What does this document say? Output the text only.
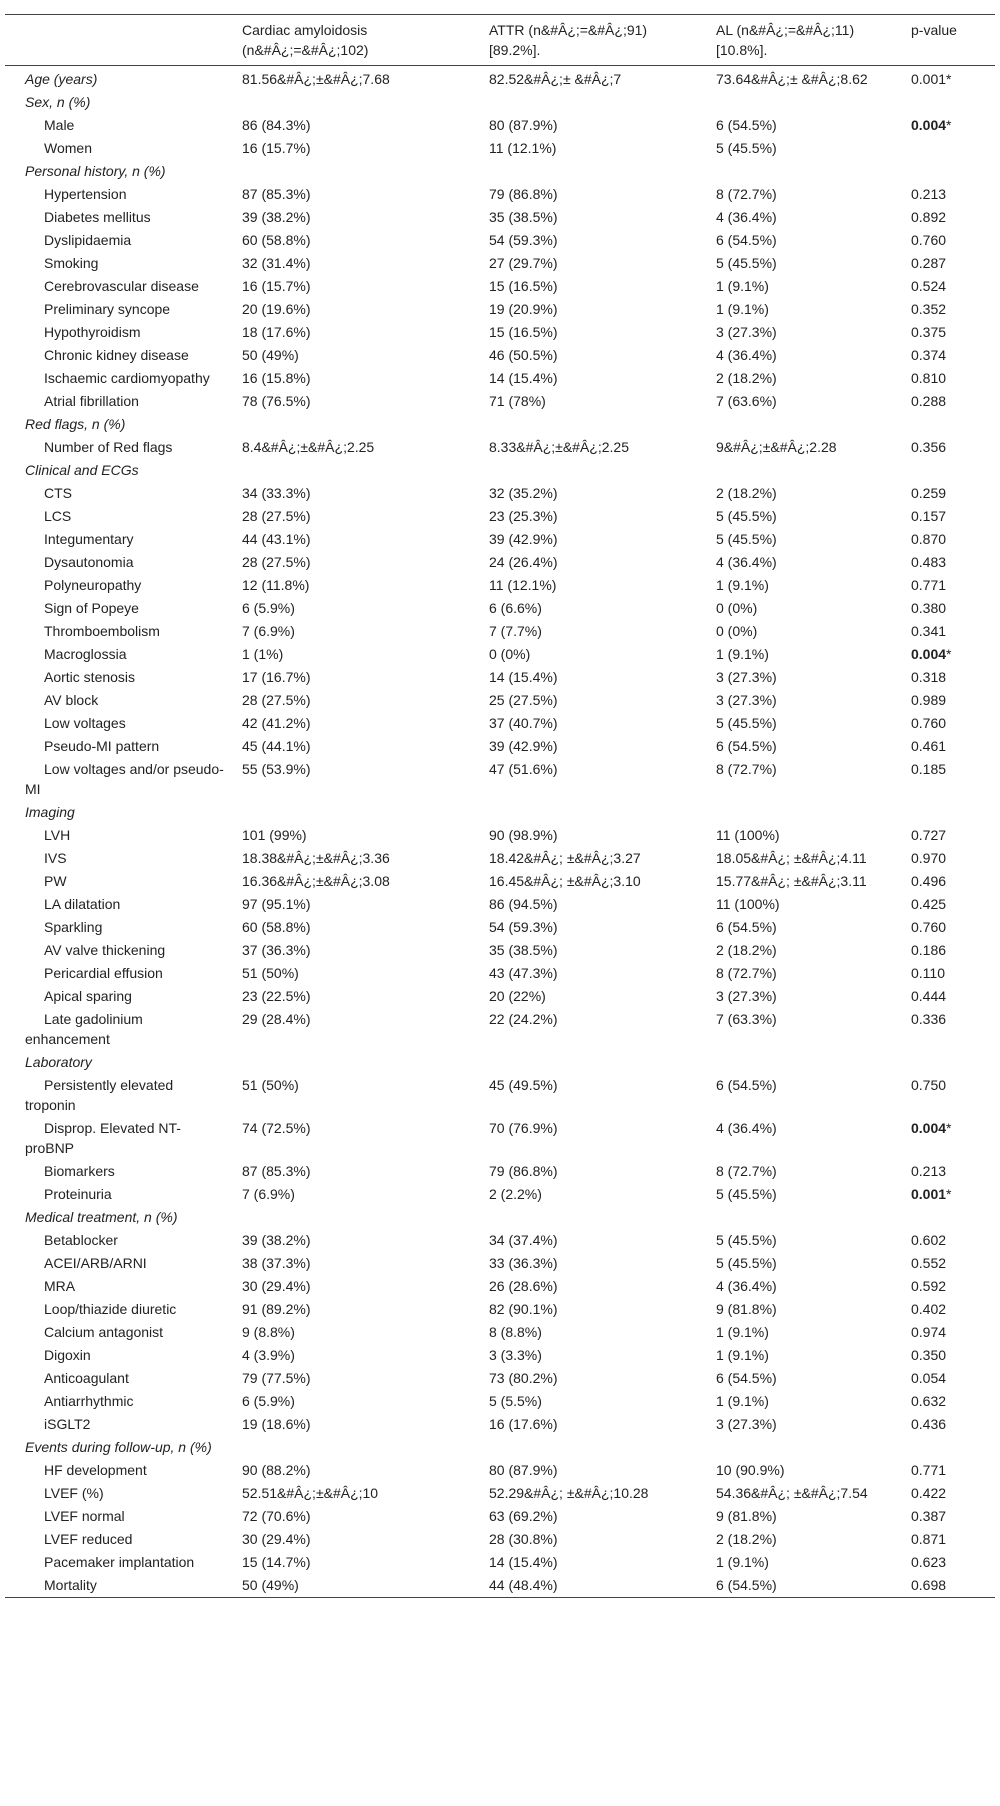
	Cardiac amyloidosis (n&#Â¿;=&#Â¿;102)	ATTR (n&#Â¿;=&#Â¿;91) [89.2%].	AL (n&#Â¿;=&#Â¿;11) [10.8%].	p-value
Age (years)	81.56&#Â¿;±&#Â¿;7.68	82.52&#Â¿;± &#Â¿;7	73.64&#Â¿;± &#Â¿;8.62	0.001*
Sex, n (%)				
Male	86 (84.3%)	80 (87.9%)	6 (54.5%)	0.004*
Women	16 (15.7%)	11 (12.1%)	5 (45.5%)	
Personal history, n (%)				
Hypertension	87 (85.3%)	79 (86.8%)	8 (72.7%)	0.213
Diabetes mellitus	39 (38.2%)	35 (38.5%)	4 (36.4%)	0.892
Dyslipidaemia	60 (58.8%)	54 (59.3%)	6 (54.5%)	0.760
Smoking	32 (31.4%)	27 (29.7%)	5 (45.5%)	0.287
Cerebrovascular disease	16 (15.7%)	15 (16.5%)	1 (9.1%)	0.524
Preliminary syncope	20 (19.6%)	19 (20.9%)	1 (9.1%)	0.352
Hypothyroidism	18 (17.6%)	15 (16.5%)	3 (27.3%)	0.375
Chronic kidney disease	50 (49%)	46 (50.5%)	4 (36.4%)	0.374
Ischaemic cardiomyopathy	16 (15.8%)	14 (15.4%)	2 (18.2%)	0.810
Atrial fibrillation	78 (76.5%)	71 (78%)	7 (63.6%)	0.288
Red flags, n (%)				
Number of Red flags	8.4&#Â¿;±&#Â¿;2.25	8.33&#Â¿;±&#Â¿;2.25	9&#Â¿;±&#Â¿;2.28	0.356
Clinical and ECGs				
CTS	34 (33.3%)	32 (35.2%)	2 (18.2%)	0.259
LCS	28 (27.5%)	23 (25.3%)	5 (45.5%)	0.157
Integumentary	44 (43.1%)	39 (42.9%)	5 (45.5%)	0.870
Dysautonomia	28 (27.5%)	24 (26.4%)	4 (36.4%)	0.483
Polyneuropathy	12 (11.8%)	11 (12.1%)	1 (9.1%)	0.771
Sign of Popeye	6 (5.9%)	6 (6.6%)	0 (0%)	0.380
Thromboembolism	7 (6.9%)	7 (7.7%)	0 (0%)	0.341
Macroglossia	1 (1%)	0 (0%)	1 (9.1%)	0.004*
Aortic stenosis	17 (16.7%)	14 (15.4%)	3 (27.3%)	0.318
AV block	28 (27.5%)	25 (27.5%)	3 (27.3%)	0.989
Low voltages	42 (41.2%)	37 (40.7%)	5 (45.5%)	0.760
Pseudo-MI pattern	45 (44.1%)	39 (42.9%)	6 (54.5%)	0.461
Low voltages and/or pseudo-MI	55 (53.9%)	47 (51.6%)	8 (72.7%)	0.185
Imaging				
LVH	101 (99%)	90 (98.9%)	11 (100%)	0.727
IVS	18.38&#Â¿;±&#Â¿;3.36	18.42&#Â¿; ±&#Â¿;3.27	18.05&#Â¿; ±&#Â¿;4.11	0.970
PW	16.36&#Â¿;±&#Â¿;3.08	16.45&#Â¿; ±&#Â¿;3.10	15.77&#Â¿; ±&#Â¿;3.11	0.496
LA dilatation	97 (95.1%)	86 (94.5%)	11 (100%)	0.425
Sparkling	60 (58.8%)	54 (59.3%)	6 (54.5%)	0.760
AV valve thickening	37 (36.3%)	35 (38.5%)	2 (18.2%)	0.186
Pericardial effusion	51 (50%)	43 (47.3%)	8 (72.7%)	0.110
Apical sparing	23 (22.5%)	20 (22%)	3 (27.3%)	0.444
Late gadolinium enhancement	29 (28.4%)	22 (24.2%)	7 (63.3%)	0.336
Laboratory				
Persistently elevated troponin	51 (50%)	45 (49.5%)	6 (54.5%)	0.750
Disprop. Elevated NT-proBNP	74 (72.5%)	70 (76.9%)	4 (36.4%)	0.004*
Biomarkers	87 (85.3%)	79 (86.8%)	8 (72.7%)	0.213
Proteinuria	7 (6.9%)	2 (2.2%)	5 (45.5%)	0.001*
Medical treatment, n (%)				
Betablocker	39 (38.2%)	34 (37.4%)	5 (45.5%)	0.602
ACEI/ARB/ARNI	38 (37.3%)	33 (36.3%)	5 (45.5%)	0.552
MRA	30 (29.4%)	26 (28.6%)	4 (36.4%)	0.592
Loop/thiazide diuretic	91 (89.2%)	82 (90.1%)	9 (81.8%)	0.402
Calcium antagonist	9 (8.8%)	8 (8.8%)	1 (9.1%)	0.974
Digoxin	4 (3.9%)	3 (3.3%)	1 (9.1%)	0.350
Anticoagulant	79 (77.5%)	73 (80.2%)	6 (54.5%)	0.054
Antiarrhythmic	6 (5.9%)	5 (5.5%)	1 (9.1%)	0.632
iSGLT2	19 (18.6%)	16 (17.6%)	3 (27.3%)	0.436
Events during follow-up, n (%)				
HF development	90 (88.2%)	80 (87.9%)	10 (90.9%)	0.771
LVEF (%)	52.51&#Â¿;±&#Â¿;10	52.29&#Â¿; ±&#Â¿;10.28	54.36&#Â¿; ±&#Â¿;7.54	0.422
LVEF normal	72 (70.6%)	63 (69.2%)	9 (81.8%)	0.387
LVEF reduced	30 (29.4%)	28 (30.8%)	2 (18.2%)	0.871
Pacemaker implantation	15 (14.7%)	14 (15.4%)	1 (9.1%)	0.623
Mortality	50 (49%)	44 (48.4%)	6 (54.5%)	0.698
